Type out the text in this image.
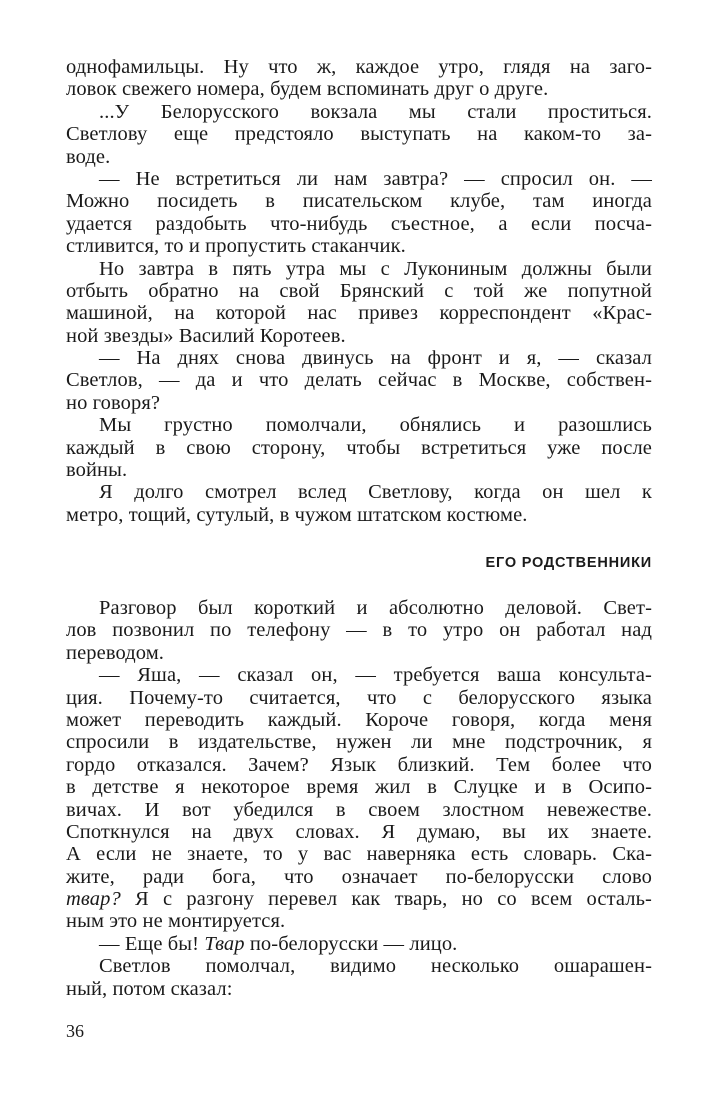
однофамильцы. Ну что ж, каждое утро, глядя на заго-
ловок свежего номера, будем вспоминать друг о друге.
...У Белорусского вокзала мы стали проститься.
Светлову еще предстояло выступать на каком-то за-
воде.
— Не встретиться ли нам завтра? — спросил он. —
Можно посидеть в писательском клубе, там иногда
удается раздобыть что-нибудь съестное, а если посча-
стливится, то и пропустить стаканчик.
Но завтра в пять утра мы с Лукониным должны были
отбыть обратно на свой Брянский с той же попутной
машиной, на которой нас привез корреспондент «Крас-
ной звезды» Василий Коротеев.
— На днях снова двинусь на фронт и я, — сказал
Светлов, — да и что делать сейчас в Москве, собствен-
но говоря?
Мы грустно помолчали, обнялись и разошлись
каждый в свою сторону, чтобы встретиться уже после
войны.
Я долго смотрел вслед Светлову, когда он шел к
метро, тощий, сутулый, в чужом штатском костюме.
ЕГО РОДСТВЕННИКИ
Разговор был короткий и абсолютно деловой. Свет-
лов позвонил по телефону — в то утро он работал над
переводом.
— Яша, — сказал он, — требуется ваша консульта-
ция. Почему-то считается, что с белорусского языка
может переводить каждый. Короче говоря, когда меня
спросили в издательстве, нужен ли мне подстрочник, я
гордо отказался. Зачем? Язык близкий. Тем более что
в детстве я некоторое время жил в Слуцке и в Осипо-
вичах. И вот убедился в своем злостном невежестве.
Споткнулся на двух словах. Я думаю, вы их знаете.
А если не знаете, то у вас наверняка есть словарь. Ска-
жите, ради бога, что означает по-белорусски слово
твар? Я с разгону перевел как тварь, но со всем осталь-
ным это не монтируется.
— Еще бы! Твар по-белорусски — лицо.
Светлов помолчал, видимо несколько ошарашен-
ный, потом сказал:
36
